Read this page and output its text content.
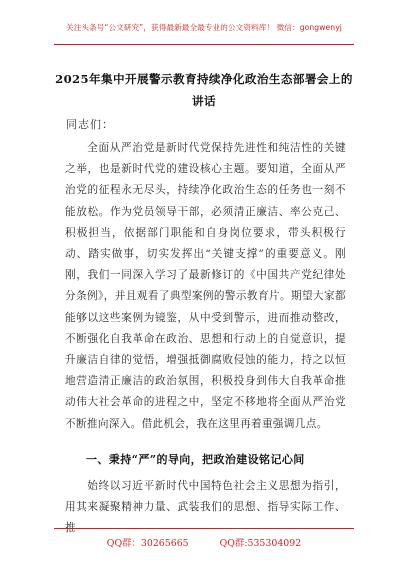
关注头条号“公文研究”，获得最新最全最专业的公文资料库！ 微信：gongwenyj
2025年集中开展警示教育持续净化政治生态部署会上的讲话
同志们：
全面从严治党是新时代党保持先进性和纯洁性的关键之举，也是新时代党的建设核心主题。要知道，全面从严治党的征程永无尽头，持续净化政治生态的任务也一刻不能放松。作为党员领导干部，必须清正廉洁、率公克己、积极担当，依据部门职能和自身岗位要求，带头积极行动、踏实做事，切实发挥出“关键支撑”的重要意义。刚刚，我们一同深入学习了最新修订的《中国共产党纪律处分条例》，并且观看了典型案例的警示教育片。期望大家都能够以这些案例为镜鉴，从中受到警示，进而推动整改，不断强化自我革命在政治、思想和行动上的自觉意识，提升廉洁自律的觉悟，增强抵御腐败侵蚀的能力，持之以恒地营造清正廉洁的政治氛围，积极投身到伟大自我革命推动伟大社会革命的进程之中，坚定不移地将全面从严治党不断推向深入。借此机会，我在这里再着重强调几点。
一、秉持“严”的导向，把政治建设铭记心间
始终以习近平新时代中国特色社会主义思想为指引，用其来凝聚精神力量、武装我们的思想、指导实际工作、推
QQ群：30265665 QQ群:535304092
